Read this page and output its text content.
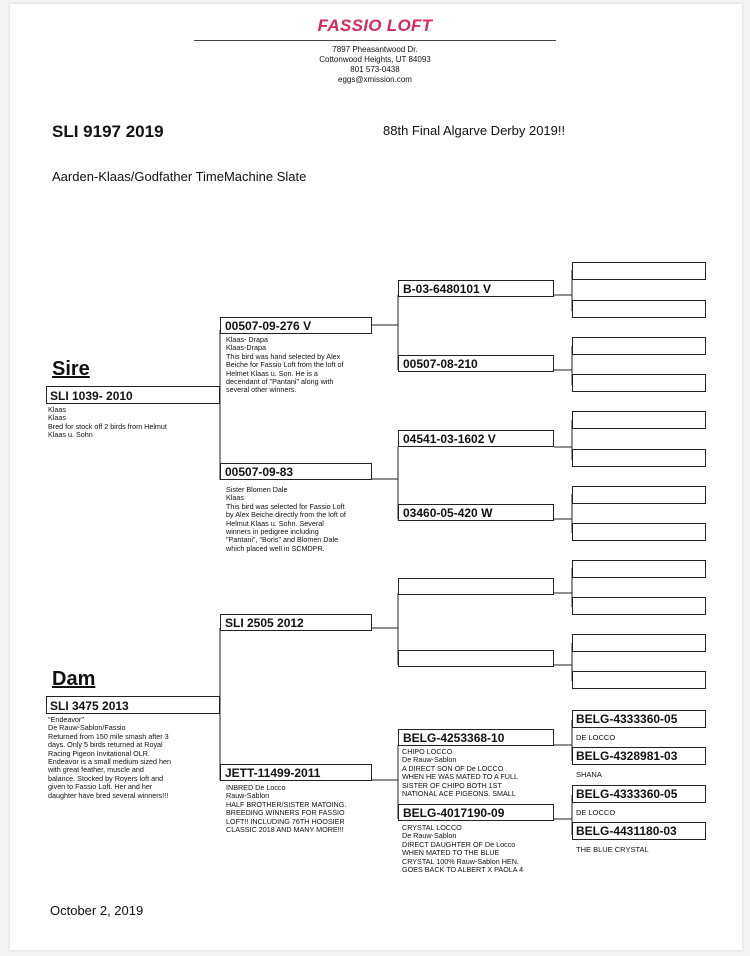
FASSIO LOFT
7897 Pheasantwood Dr.
Cottonwood Heights, UT 84093
801 573-0438
eggs@xmission.com
SLI 9197 2019	88th Final Algarve Derby 2019!!
Aarden-Klaas/Godfather TimeMachine Slate
Sire
SLI 1039- 2010
Klaas
Klaas
Bred for stock off 2 birds from Helmut
Klaas u. Sohn
Dam
SLI 3475 2013
"Endeavor"
De Rauw-Sablon/Fassio
Returned from 150 mile smash after 3
days. Only 5 birds returned at Royal
Racing Pigeon Invitational OLR.
Endeavor is a small medium sized hen
with great feather, muscle and
balance. Stocked by Royers loft and
given to Fassio Loft. Her and her
daughter have bred several winners!!!
00507-09-276 V
Klaas- Drapa
Klaas-Drapa
This bird was hand selected by Alex
Beiche for Fassio Loft from the loft of
Helmet Klaas u. Son. He is a
decendant of "Pantani" along with
several other winners.
00507-09-83
Sister Blomen Dale
Klaas
This bird was selected for Fassio Loft
by Alex Beiche directly from the loft of
Helmut Klaas u. Sohn. Several
winners in pedigree including
"Pantani", "Boris" and Blomen Dale
which placed well in SCMDPR.
SLI 2505 2012
JETT-11499-2011
INBRED De Locco
Rauw-Sablon
HALF BROTHER/SISTER MATOING.
BREEDING WINNERS FOR FASSIO
LOFT!! INCLUDING 76TH HOOSIER
CLASSIC 2018 AND MANY MORE!!!
B-03-6480101 V
00507-08-210
04541-03-1602 V
03460-05-420 W
BELG-4253368-10
CHIPO LOCCO
De Rauw-Sablon
A DIRECT SON OF De LOCCO
WHEN HE WAS MATED TO A FULL
SISTER OF CHIPO BOTH 1ST
NATIONAL ACE PIGEONS. SMALL
BELG-4017190-09
CRYSTAL LOCCO
De Rauw-Sablon
DIRECT DAUGHTER OF De Locco
WHEN MATED TO THE BLUE
CRYSTAL 100% Rauw-Sablon HEN.
GOES BACK TO ALBERT X PAOLA 4
BELG-4333360-05
DE LOCCO
BELG-4328981-03
SHANA
BELG-4333360-05
DE LOCCO
BELG-4431180-03
THE BLUE CRYSTAL
October 2, 2019
